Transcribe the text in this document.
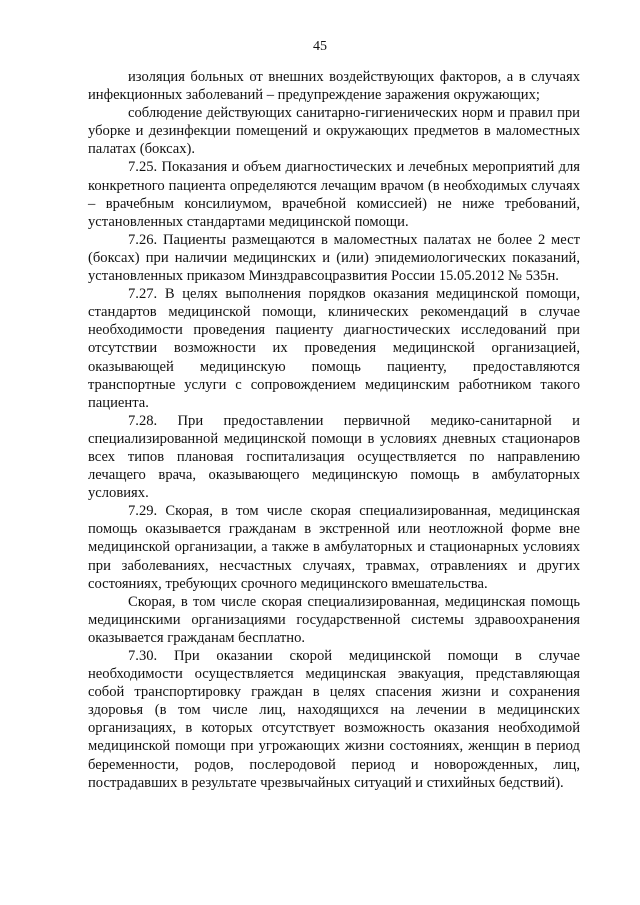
45

изоляция больных от внешних воздействующих факторов, а в случаях инфекционных заболеваний – предупреждение заражения окружающих;

соблюдение действующих санитарно-гигиенических норм и правил при уборке и дезинфекции помещений и окружающих предметов в маломестных палатах (боксах).

7.25. Показания и объем диагностических и лечебных мероприятий для конкретного пациента определяются лечащим врачом (в необходимых случаях – врачебным консилиумом, врачебной комиссией) не ниже требований, установленных стандартами медицинской помощи.

7.26. Пациенты размещаются в маломестных палатах не более 2 мест (боксах) при наличии медицинских и (или) эпидемиологических показаний, установленных приказом Минздравсоцразвития России 15.05.2012 № 535н.

7.27. В целях выполнения порядков оказания медицинской помощи, стандартов медицинской помощи, клинических рекомендаций в случае необходимости проведения пациенту диагностических исследований при отсутствии возможности их проведения медицинской организацией, оказывающей медицинскую помощь пациенту, предоставляются транспортные услуги с сопровождением медицинским работником такого пациента.

7.28. При предоставлении первичной медико-санитарной и специализированной медицинской помощи в условиях дневных стационаров всех типов плановая госпитализация осуществляется по направлению лечащего врача, оказывающего медицинскую помощь в амбулаторных условиях.

7.29. Скорая, в том числе скорая специализированная, медицинская помощь оказывается гражданам в экстренной или неотложной форме вне медицинской организации, а также в амбулаторных и стационарных условиях при заболеваниях, несчастных случаях, травмах, отравлениях и других состояниях, требующих срочного медицинского вмешательства.

Скорая, в том числе скорая специализированная, медицинская помощь медицинскими организациями государственной системы здравоохранения оказывается гражданам бесплатно.

7.30. При оказании скорой медицинской помощи в случае необходимости осуществляется медицинская эвакуация, представляющая собой транспортировку граждан в целях спасения жизни и сохранения здоровья (в том числе лиц, находящихся на лечении в медицинских организациях, в которых отсутствует возможность оказания необходимой медицинской помощи при угрожающих жизни состояниях, женщин в период беременности, родов, послеродовой период и новорожденных, лиц, пострадавших в результате чрезвычайных ситуаций и стихийных бедствий).
